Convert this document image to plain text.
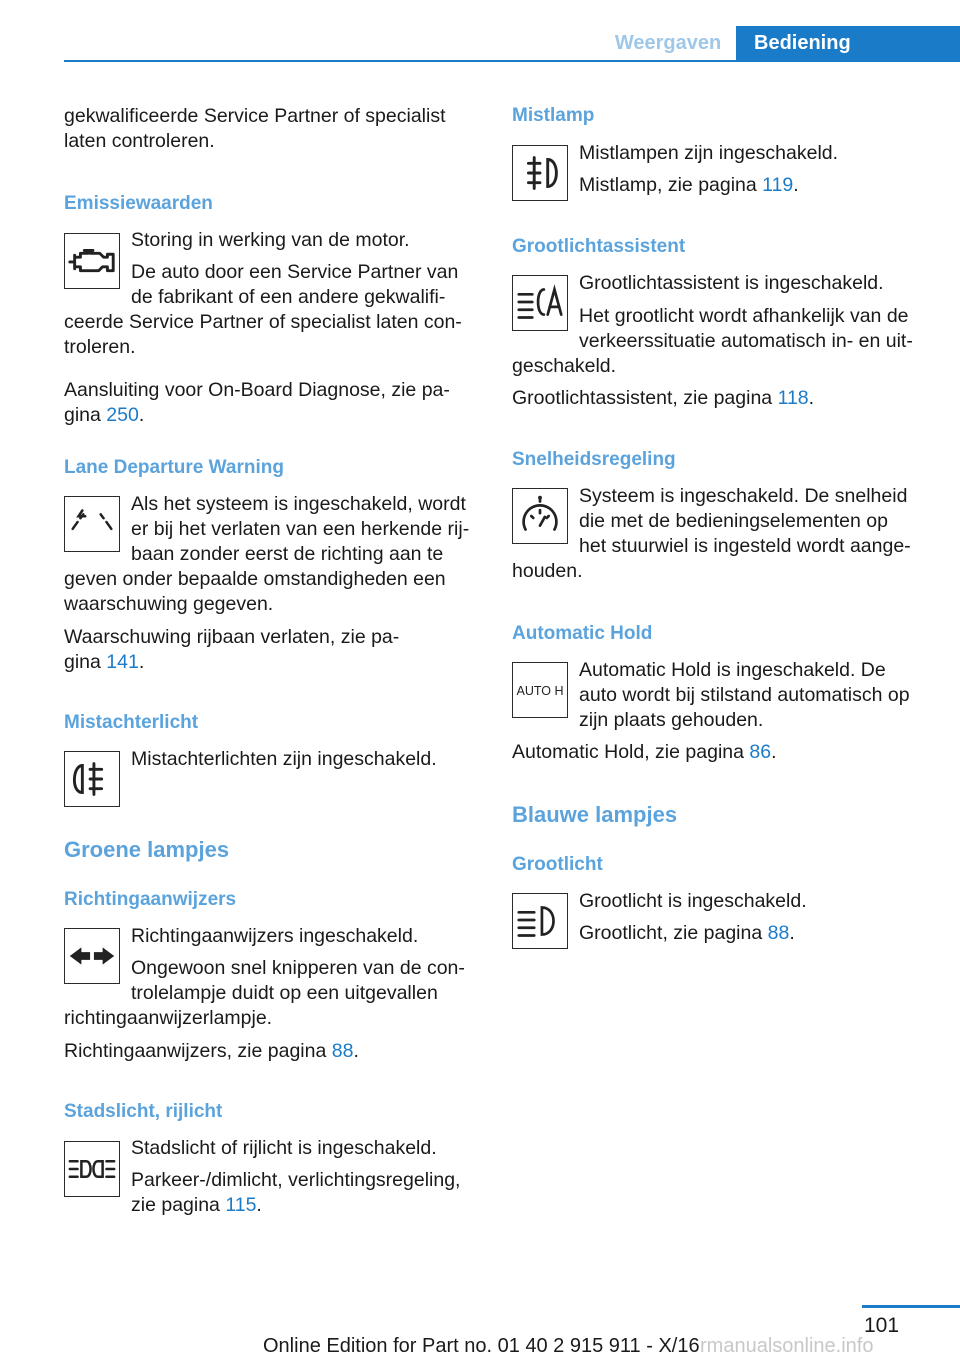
Weergaven	Bediening
gekwalificeerde Service Partner of specialist
laten controleren.
Emissiewaarden
Storing in werking van de motor.
De auto door een Service Partner van
de fabrikant of een andere gekwalifi-
ceerde Service Partner of specialist laten con-
troleren.
Aansluiting voor On-Board Diagnose, zie pa-
gina 250.
Lane Departure Warning
Als het systeem is ingeschakeld, wordt
er bij het verlaten van een herkende rij-
baan zonder eerst de richting aan te
geven onder bepaalde omstandigheden een
waarschuwing gegeven.
Waarschuwing rijbaan verlaten, zie pa-
gina 141.
Mistachterlicht
Mistachterlichten zijn ingeschakeld.
Groene lampjes
Richtingaanwijzers
Richtingaanwijzers ingeschakeld.
Ongewoon snel knipperen van de con-
trolelampje duidt op een uitgevallen
richtingaanwijzerlampje.
Richtingaanwijzers, zie pagina 88.
Stadslicht, rijlicht
Stadslicht of rijlicht is ingeschakeld.
Parkeer-/dimlicht, verlichtingsregeling,
zie pagina 115.
Mistlamp
Mistlampen zijn ingeschakeld.
Mistlamp, zie pagina 119.
Grootlichtassistent
Grootlichtassistent is ingeschakeld.
Het grootlicht wordt afhankelijk van de
verkeerssituatie automatisch in- en uit-
geschakeld.
Grootlichtassistent, zie pagina 118.
Snelheidsregeling
Systeem is ingeschakeld. De snelheid
die met de bedieningselementen op
het stuurwiel is ingesteld wordt aange-
houden.
Automatic Hold
AUTO H
Automatic Hold is ingeschakeld. De
auto wordt bij stilstand automatisch op
zijn plaats gehouden.
Automatic Hold, zie pagina 86.
Blauwe lampjes
Grootlicht
Grootlicht is ingeschakeld.
Grootlicht, zie pagina 88.
101
Online Edition for Part no. 01 40 2 915 911 - X/16 rmanualsonline.info
